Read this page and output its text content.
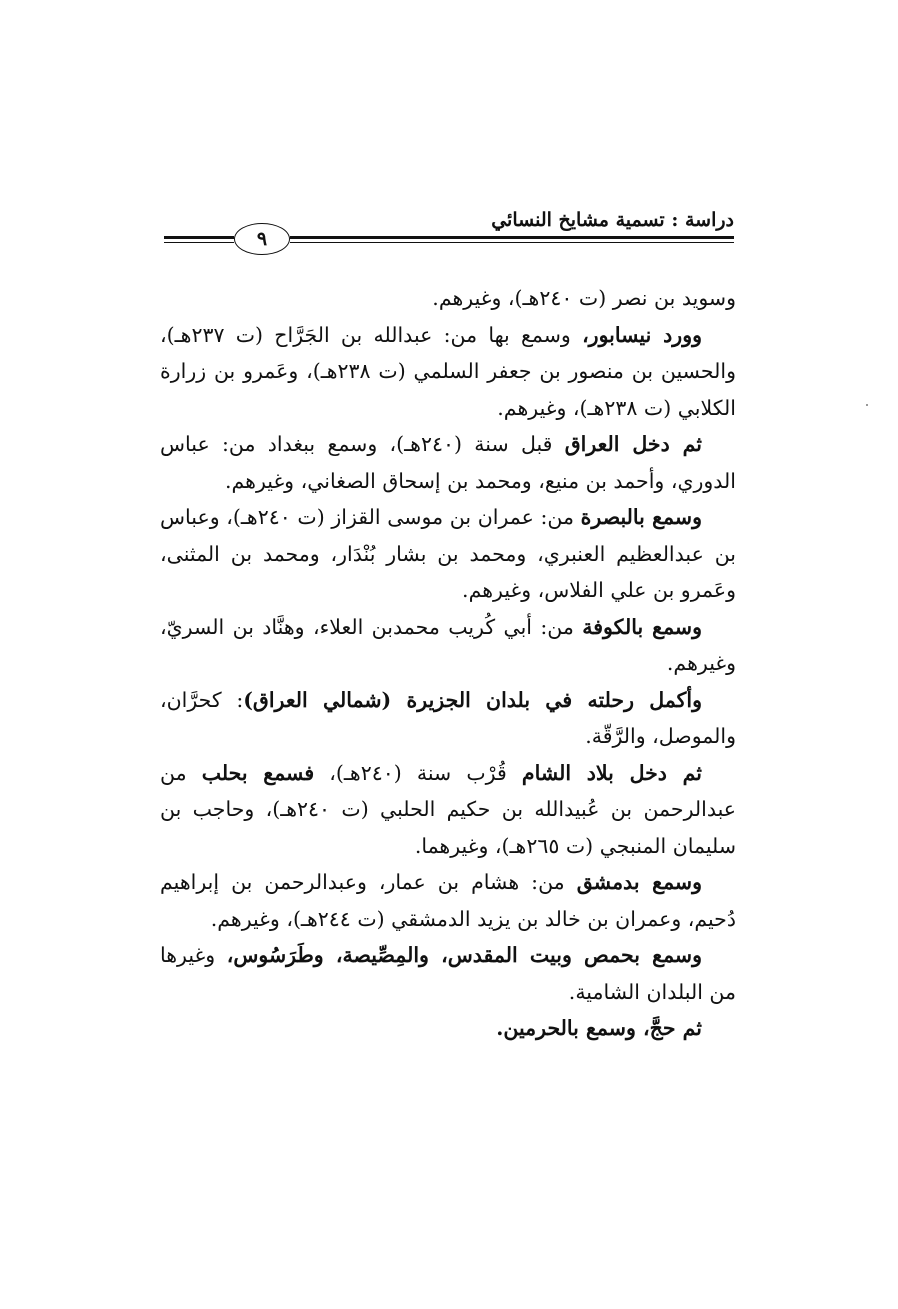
دراسة : تسمية مشايخ النسائي
٩

وسويد بن نصر (ت ٢٤٠هـ)، وغيرهم.

وورد نيسابور، وسمع بها من: عبدالله بن الجَرَّاح (ت ٢٣٧هـ)، والحسين بن منصور بن جعفر السلمي (ت ٢٣٨هـ)، وعَمرو بن زرارة الكلابي (ت ٢٣٨هـ)، وغيرهم.

ثم دخل العراق قبل سنة (٢٤٠هـ)، وسمع ببغداد من: عباس الدوري، وأحمد بن منيع، ومحمد بن إسحاق الصغاني، وغيرهم.

وسمع بالبصرة من: عمران بن موسى القزاز (ت ٢٤٠هـ)، وعباس بن عبدالعظيم العنبري، ومحمد بن بشار بُنْدَار، ومحمد بن المثنى، وعَمرو بن علي الفلاس، وغيرهم.

وسمع بالكوفة من: أبي كُريب محمدبن العلاء، وهنَّاد بن السريّ، وغيرهم.

وأكمل رحلته في بلدان الجزيرة (شمالي العراق): كحرَّان، والموصل، والرَّقّة.

ثم دخل بلاد الشام قُرْب سنة (٢٤٠هـ)، فسمع بحلب من عبدالرحمن بن عُبيدالله بن حكيم الحلبي (ت ٢٤٠هـ)، وحاجب بن سليمان المنبجي (ت ٢٦٥هـ)، وغيرهما.

وسمع بدمشق من: هشام بن عمار، وعبدالرحمن بن إبراهيم دُحيم، وعمران بن خالد بن يزيد الدمشقي (ت ٢٤٤هـ)، وغيرهم.

وسمع بحمص وبيت المقدس، والمِصِّيصة، وطَرَسُوس، وغيرها من البلدان الشامية.

ثم حجَّ، وسمع بالحرمين.
